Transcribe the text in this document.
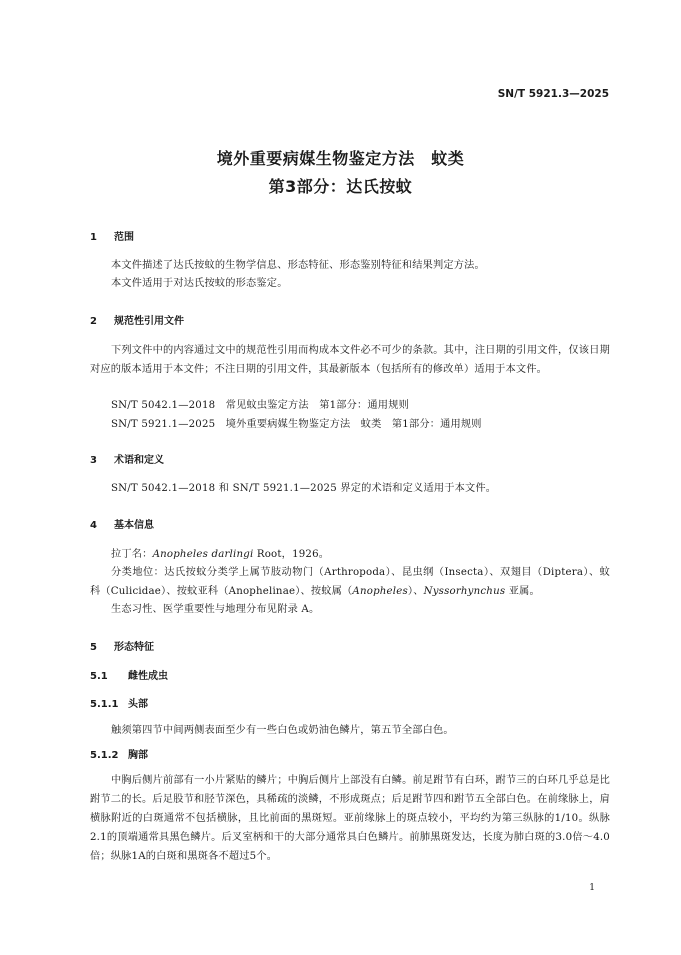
SN/T 5921.3—2025
境外重要病媒生物鉴定方法　蚊类
第3部分：达氏按蚊
1 范围
本文件描述了达氏按蚊的生物学信息、形态特征、形态鉴别特征和结果判定方法。
本文件适用于对达氏按蚊的形态鉴定。
2 规范性引用文件
下列文件中的内容通过文中的规范性引用而构成本文件必不可少的条款。其中，注日期的引用文件，仅该日期对应的版本适用于本文件；不注日期的引用文件，其最新版本（包括所有的修改单）适用于本文件。
SN/T 5042.1—2018　常见蚊虫鉴定方法　第1部分：通用规则
SN/T 5921.1—2025　境外重要病媒生物鉴定方法　蚊类　第1部分：通用规则
3 术语和定义
SN/T 5042.1—2018 和 SN/T 5921.1—2025 界定的术语和定义适用于本文件。
4 基本信息
拉丁名：Anopheles darlingi Root，1926。
分类地位：达氏按蚊分类学上属节肢动物门（Arthropoda）、昆虫纲（Insecta）、双翅目（Diptera）、蚊科（Culicidae）、按蚊亚科（Anophelinae）、按蚊属（Anopheles）、Nyssorhynchus 亚属。
生态习性、医学重要性与地理分布见附录 A。
5 形态特征
5.1 雌性成虫
5.1.1 头部
触须第四节中间两侧表面至少有一些白色或奶油色鳞片，第五节全部白色。
5.1.2 胸部
中胸后侧片前部有一小片紧贴的鳞片；中胸后侧片上部没有白鳞。前足跗节有白环，跗节三的白环几乎总是比跗节二的长。后足股节和胫节深色，具稀疏的淡鳞，不形成斑点；后足跗节四和跗节五全部白色。在前缘脉上，肩横脉附近的白斑通常不包括横脉，且比前面的黑斑短。亚前缘脉上的斑点较小，平均约为第三纵脉的1/10。纵脉2.1的顶端通常具黑色鳞片。后叉室柄和干的大部分通常具白色鳞片。前肺黑斑发达，长度为肺白斑的3.0倍～4.0倍；纵脉1A的白斑和黑斑各不超过5个。
1
